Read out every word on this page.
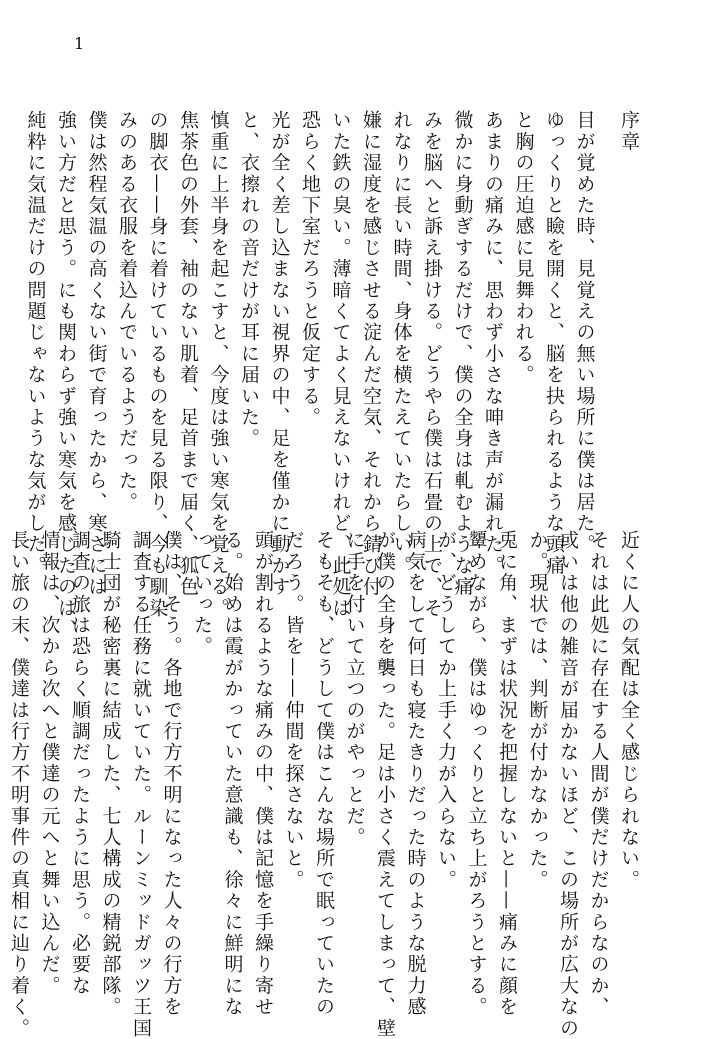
1
序章
目が覚めた時、見覚えの無い場所に僕は居た。
ゆっくりと瞼を開くと、脳を抉られるような頭痛
と胸の圧迫感に見舞われる。
あまりの痛みに、思わず小さな呻き声が漏れた。
微かに身動ぎするだけで、僕の全身は軋むような痛
みを脳へと訴え掛ける。どうやら僕は石畳の上で、そ
れなりに長い時間、身体を横たえていたらしい。
嫌に湿度を感じさせる淀んだ空気、それから錆び付
いた鉄の臭い。薄暗くてよく見えないけれど、此処は
恐らく地下室だろうと仮定する。
光が全く差し込まない視界の中、足を僅かに動かす
と、衣擦れの音だけが耳に届いた。
慎重に上半身を起こすと、今度は強い寒気を覚える。
焦茶色の外套、袖のない肌着、足首まで届く、狐色
の脚衣——身に着けているものを見る限り、今も馴染
みのある衣服を着込んでいるようだった。
僕は然程気温の高くない街で育ったから、寒さには
強い方だと思う。にも関わらず強い寒気を感じたのは、
純粋に気温だけの問題じゃないような気がした。
近くに人の気配は全く感じられない。
それは此処に存在する人間が僕だけだからなのか、
或いは他の雑音が届かないほど、この場所が広大なの
か。現状では、判断が付かなかった。
兎に角、まずは状況を把握しないと——痛みに顔を
顰めながら、僕はゆっくりと立ち上がろうとする。
が、どうしてか上手く力が入らない。
病気をして何日も寝たきりだった時のような脱力感
が僕の全身を襲った。足は小さく震えてしまって、壁
に手を付いて立つのがやっとだ。
そもそも、どうして僕はこんな場所で眠っていたの
だろう。皆を——仲間を探さないと。
頭が割れるような痛みの中、僕は記憶を手繰り寄せ
る。始めは霞がかっていた意識も、徐々に鮮明にな
っていった。
僕は、そう。各地で行方不明になった人々の行方を
調査する任務に就いていた。ルーンミッドガッツ王国
騎士団が秘密裏に結成した、七人構成の精鋭部隊。
調査の旅は恐らく順調だったように思う。必要な
情報は、次から次へと僕達の元へと舞い込んだ。
長い旅の末、僕達は行方不明事件の真相に辿り着く。
